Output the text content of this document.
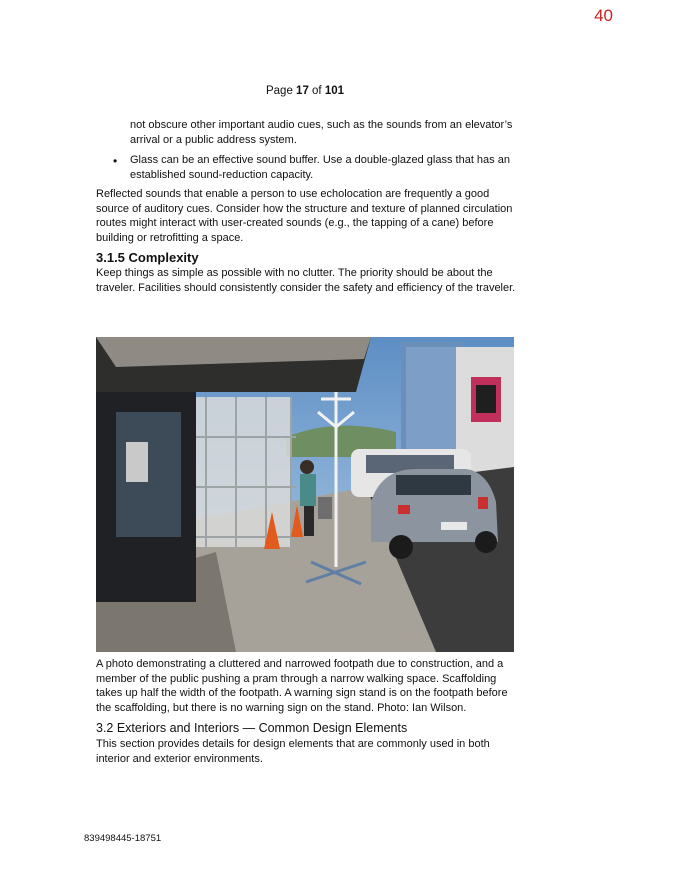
40
Page 17 of 101
not obscure other important audio cues, such as the sounds from an elevator’s arrival or a public address system.
• Glass can be an effective sound buffer. Use a double-glazed glass that has an established sound-reduction capacity.
Reflected sounds that enable a person to use echolocation are frequently a good source of auditory cues. Consider how the structure and texture of planned circulation routes might interact with user-created sounds (e.g., the tapping of a cane) before building or retrofitting a space.
3.1.5 Complexity
Keep things as simple as possible with no clutter. The priority should be about the traveler. Facilities should consistently consider the safety and efficiency of the traveler.
A photo demonstrating a cluttered and narrowed footpath due to construction, and a member of the public pushing a pram through a narrow walking space. Scaffolding takes up half the width of the footpath. A warning sign stand is on the footpath before the scaffolding, but there is no warning sign on the stand. Photo: Ian Wilson.
3.2 Exteriors and Interiors — Common Design Elements
This section provides details for design elements that are commonly used in both interior and exterior environments.
839498445-18751
